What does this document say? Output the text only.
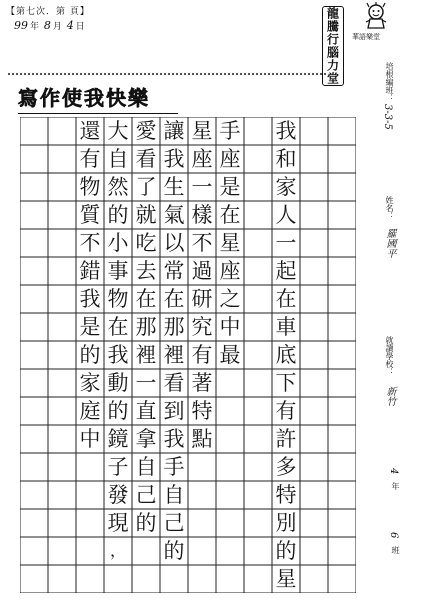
【第七次．第 頁】
99 年 8 月 4 日
華語樂堂
龍騰行腦力堂
寫作使我快樂	培根編班：
3-3-5
姓名：
羅國平
就讀學校：
新竹
4
年
6
班
我
和
家
人
一
起
在
車
底
下
有
許
多
特
別
的
星
手
座
是
在
星
座
之
中
最
星
座
一
樣
不
過
研
究
有
著
特
點
讓
我
生
氣
以
常
在
那
裡
看
到
我
手
自
己
的
愛
看
了
就
吃
去
在
那
裡
一
直
拿
自
己
的
大
自
然
的
小
事
物
在
我
動
的
鏡
子
發
現
，
還
有
物
質
不
錯
我
是
的
家
庭
中
